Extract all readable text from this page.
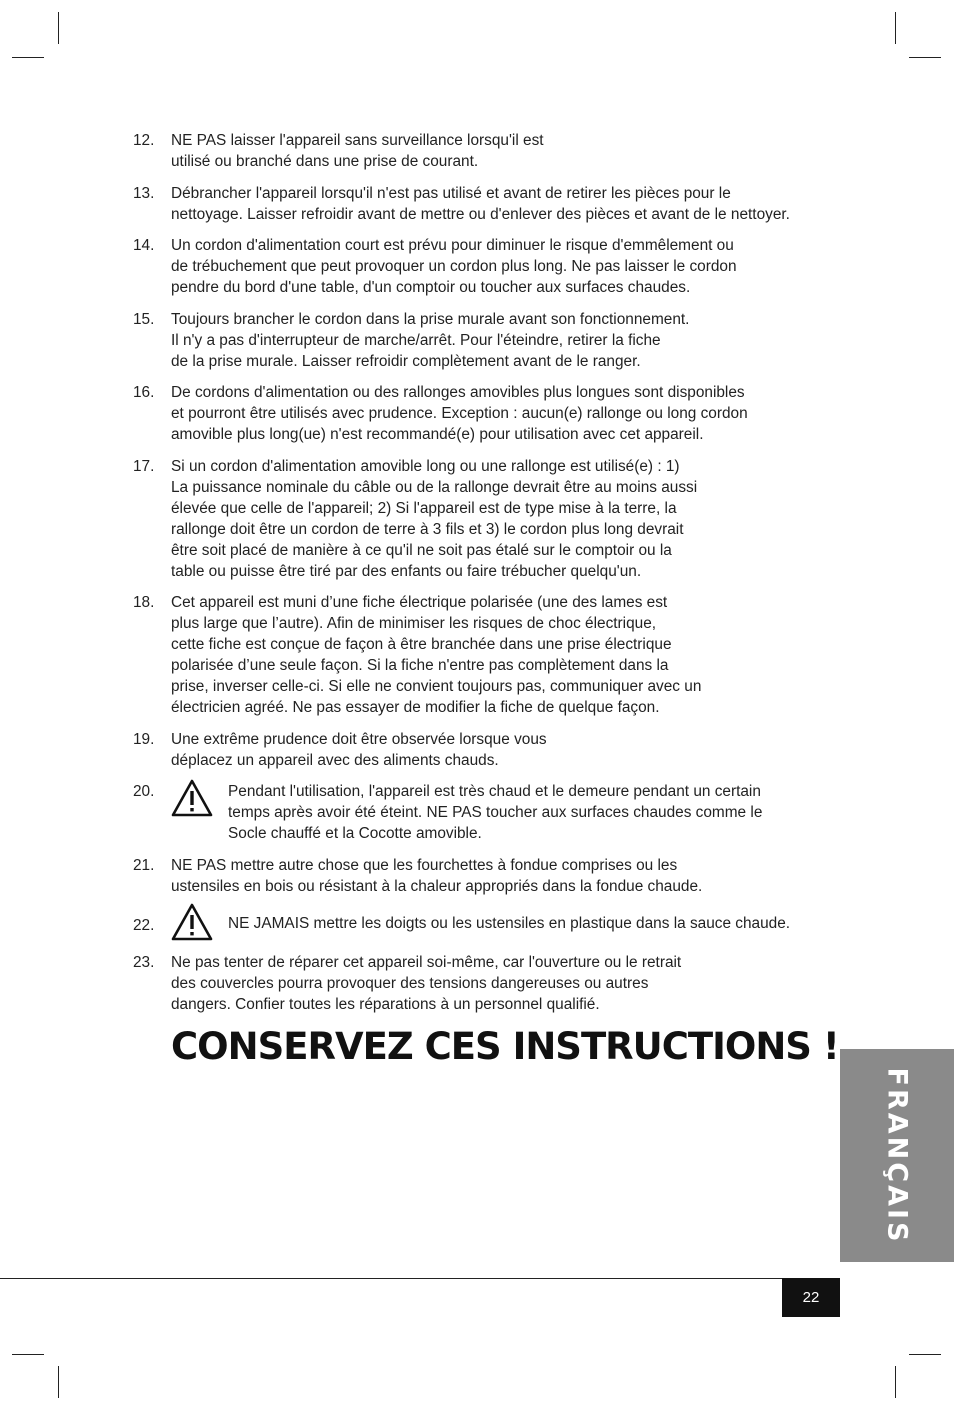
12. NE PAS laisser l'appareil sans surveillance lorsqu'il est
utilisé ou branché dans une prise de courant.
13. Débrancher l'appareil lorsqu'il n'est pas utilisé et avant de retirer les pièces pour le
nettoyage. Laisser refroidir avant de mettre ou d'enlever des pièces et avant de le nettoyer.
14. Un cordon d'alimentation court est prévu pour diminuer le risque d'emmêlement ou
de trébuchement que peut provoquer un cordon plus long. Ne pas laisser le cordon
pendre du bord d'une table, d'un comptoir ou toucher aux surfaces chaudes.
15. Toujours brancher le cordon dans la prise murale avant son fonctionnement.
Il n'y a pas d'interrupteur de marche/arrêt. Pour l'éteindre, retirer la fiche
de la prise murale. Laisser refroidir complètement avant de le ranger.
16. De cordons d'alimentation ou des rallonges amovibles plus longues sont disponibles
et pourront être utilisés avec prudence. Exception : aucun(e) rallonge ou long cordon
amovible plus long(ue) n'est recommandé(e) pour utilisation avec cet appareil.
17. Si un cordon d'alimentation amovible long ou une rallonge est utilisé(e) : 1)
La puissance nominale du câble ou de la rallonge devrait être au moins aussi
élevée que celle de l'appareil; 2) Si l'appareil est de type mise à la terre, la
rallonge doit être un cordon de terre à 3 fils et 3) le cordon plus long devrait
être soit placé de manière à ce qu'il ne soit pas étalé sur le comptoir ou la
table ou puisse être tiré par des enfants ou faire trébucher quelqu'un.
18. Cet appareil est muni d’une fiche électrique polarisée (une des lames est
plus large que l’autre). Afin de minimiser les risques de choc électrique,
cette fiche est conçue de façon à être branchée dans une prise électrique
polarisée d’une seule façon. Si la fiche n'entre pas complètement dans la
prise, inverser celle-ci. Si elle ne convient toujours pas, communiquer avec un
électricien agréé. Ne pas essayer de modifier la fiche de quelque façon.
19. Une extrême prudence doit être observée lorsque vous
déplacez un appareil avec des aliments chauds.
20.	Pendant l'utilisation, l'appareil est très chaud et le demeure pendant un certain
temps après avoir été éteint. NE PAS toucher aux surfaces chaudes comme le
Socle chauffé et la Cocotte amovible.
21. NE PAS mettre autre chose que les fourchettes à fondue comprises ou les
ustensiles en bois ou résistant à la chaleur appropriés dans la fondue chaude.
22.	NE JAMAIS mettre les doigts ou les ustensiles en plastique dans la sauce chaude.
23. Ne pas tenter de réparer cet appareil soi-même, car l'ouverture ou le retrait
des couvercles pourra provoquer des tensions dangereuses ou autres
dangers. Confier toutes les réparations à un personnel qualifié.
CONSERVEZ CES INSTRUCTIONS !
FRANÇAIS
22
